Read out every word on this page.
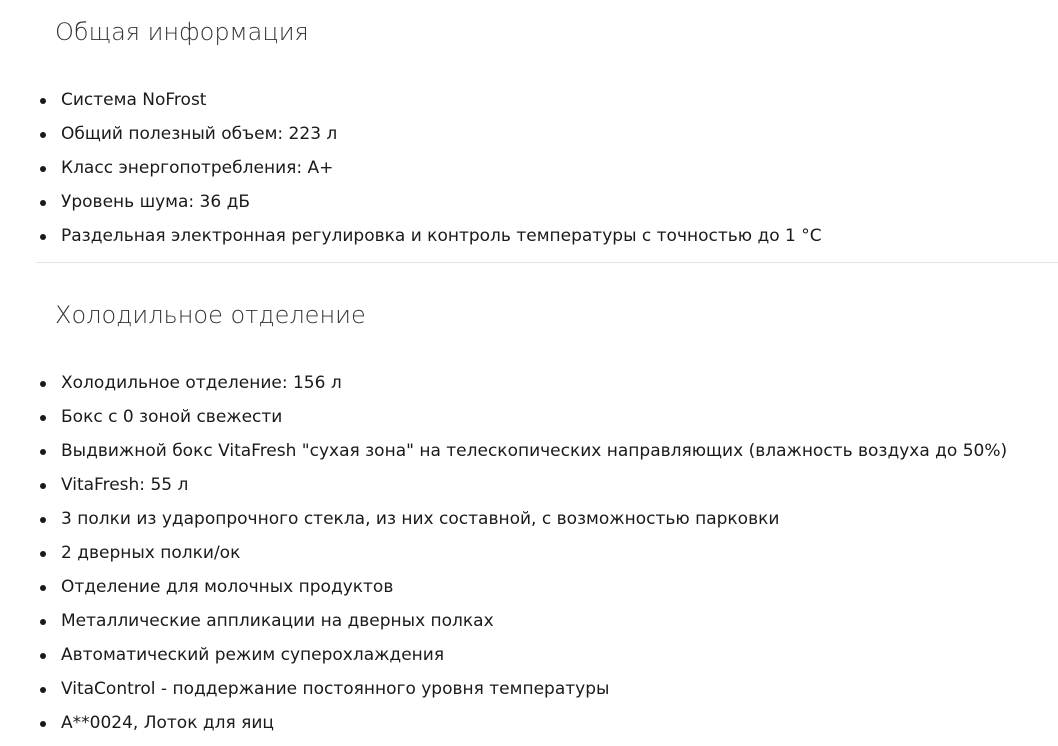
Общая информация
Система NoFrost
Общий полезный объем: 223 л
Класс энергопотребления: A+
Уровень шума: 36 дБ
Раздельная электронная регулировка и контроль температуры с точностью до 1 °C
Холодильное отделение
Холодильное отделение: 156 л
Бокс с 0 зоной свежести
Выдвижной бокс VitaFresh "сухая зона" на телескопических направляющих (влажность воздуха до 50%)
VitaFresh: 55 л
3 полки из ударопрочного стекла, из них составной, с возможностью парковки
2 дверных полки/ок
Отделение для молочных продуктов
Металлические аппликации на дверных полках
Автоматический режим суперохлаждения
VitaControl - поддержание постоянного уровня температуры
A**0024, Лоток для яиц
